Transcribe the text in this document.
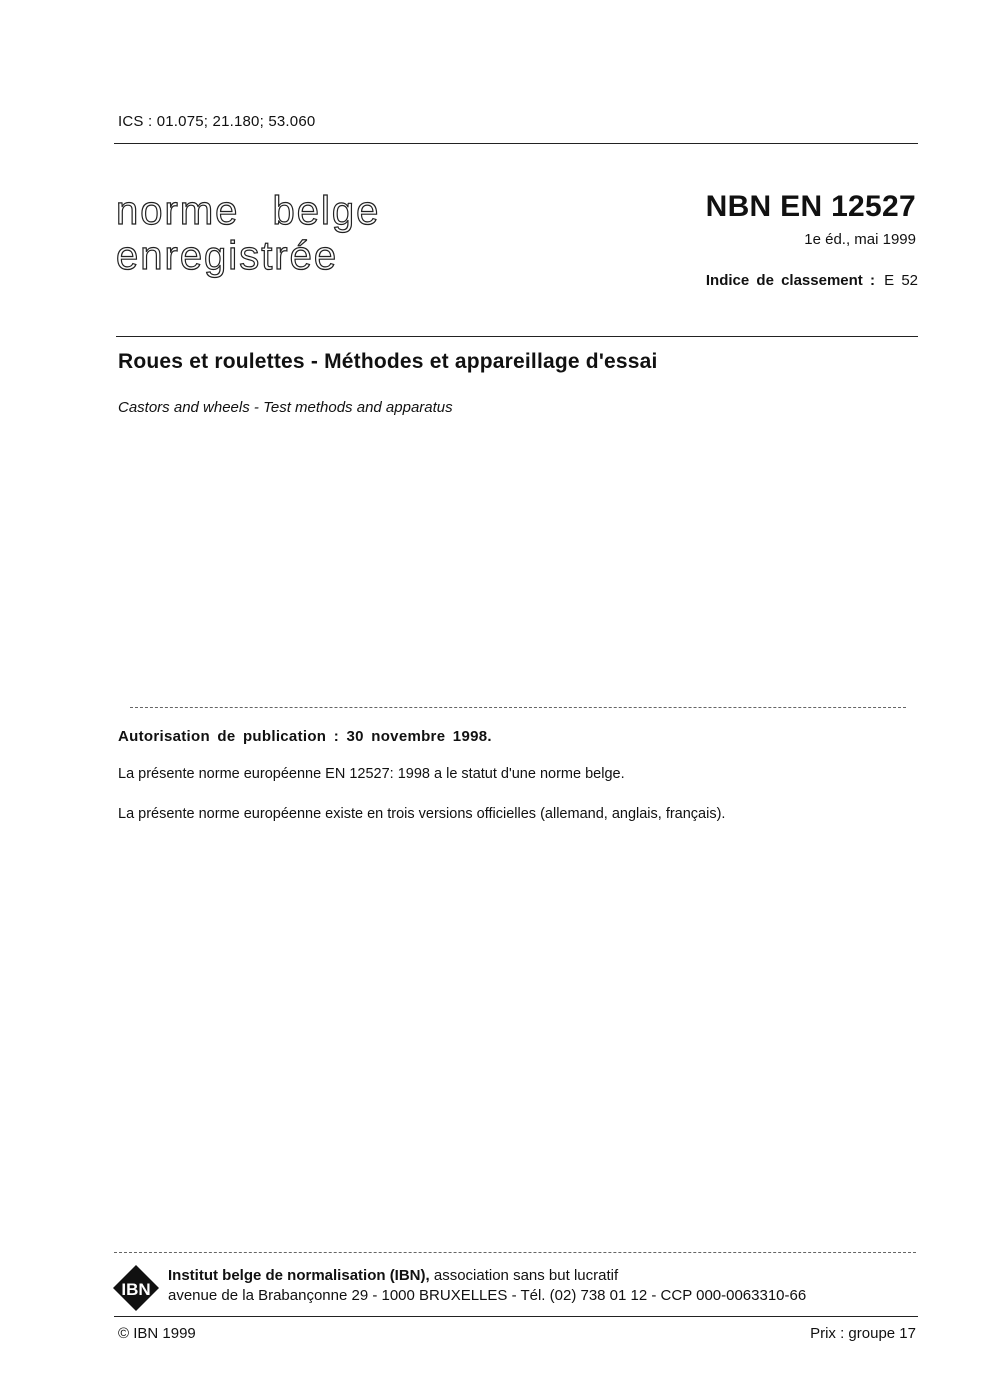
ICS : 01.075; 21.180; 53.060
norme belge
enregistrée
NBN EN 12527
1e éd., mai 1999
Indice de classement : E 52
Roues et roulettes - Méthodes et appareillage d'essai
Castors and wheels - Test methods and apparatus
Autorisation de publication : 30 novembre 1998.
La présente norme européenne EN 12527: 1998 a le statut d'une norme belge.
La présente norme européenne existe en trois versions officielles (allemand, anglais, français).
IBN
Institut belge de normalisation (IBN), association sans but lucratif
avenue de la Brabançonne 29 - 1000 BRUXELLES - Tél. (02) 738 01 12 - CCP 000-0063310-66
© IBN 1999	Prix : groupe 17
